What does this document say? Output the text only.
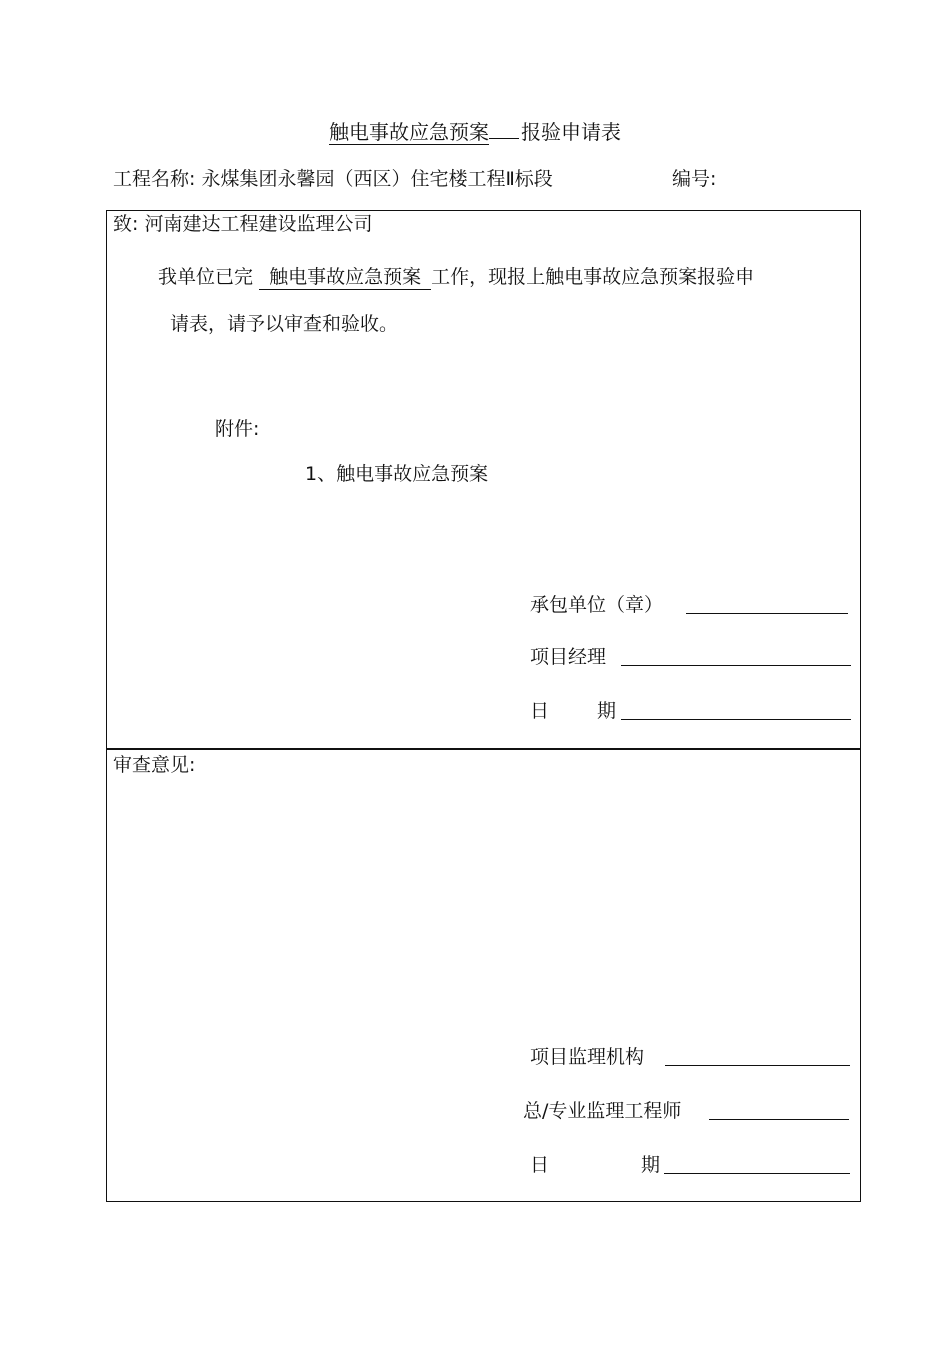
触电事故应急预案 报验申请表
工程名称: 永煤集团永馨园（西区）住宅楼工程Ⅱ标段	编号:
致: 河南建达工程建设监理公司
我单位已完 触电事故应急预案 工作，现报上触电事故应急预案报验申
请表，请予以审查和验收。
附件:
1、触电事故应急预案
承包单位（章）
项目经理
日	期
审查意见:
项目监理机构
总/专业监理工程师
日	期
